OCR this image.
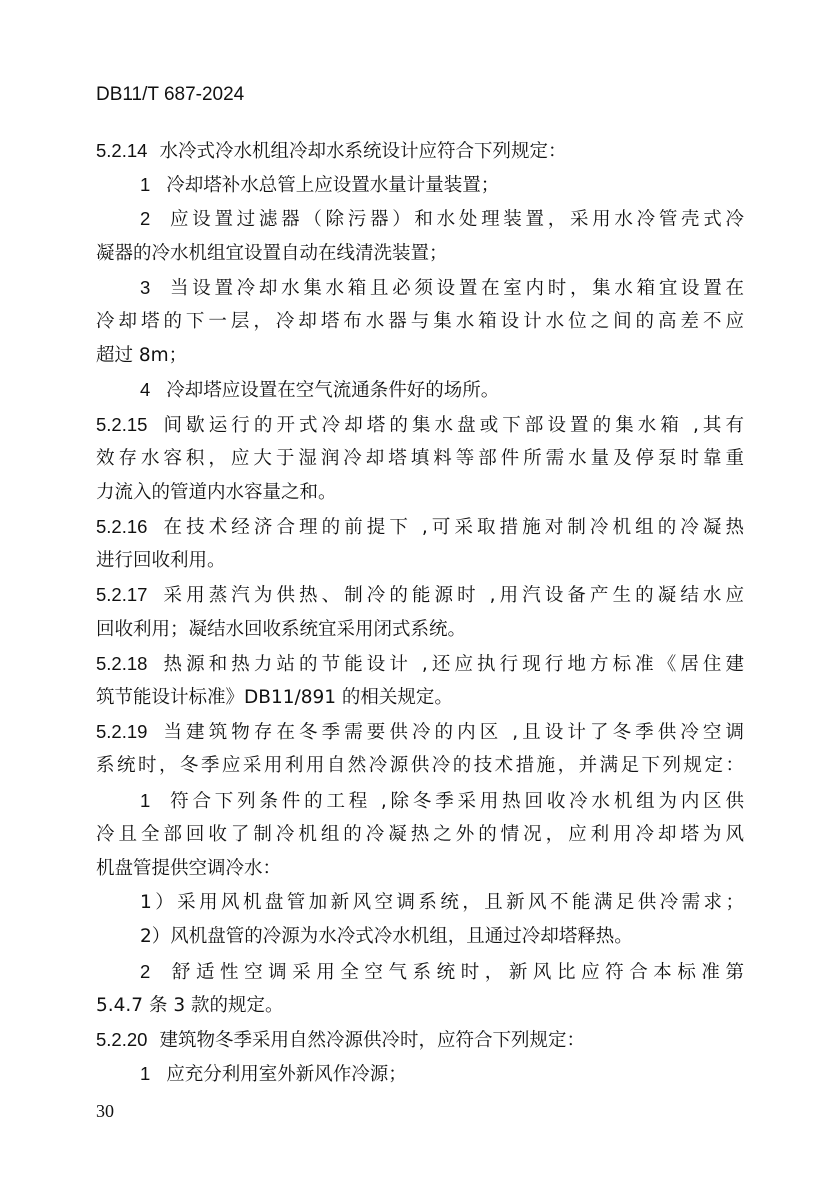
DB11/T 687-2024
5.2.14 水冷式冷水机组冷却水系统设计应符合下列规定：
1 冷却塔补水总管上应设置水量计量装置；
2 应设置过滤器（除污器）和水处理装置，采用水冷管壳式冷
凝器的冷水机组宜设置自动在线清洗装置；
3 当设置冷却水集水箱且必须设置在室内时，集水箱宜设置在
冷却塔的下一层，冷却塔布水器与集水箱设计水位之间的高差不应
超过 8m；
4 冷却塔应设置在空气流通条件好的场所。
5.2.15 间歇运行的开式冷却塔的集水盘或下部设置的集水箱 ,其有
效存水容积，应大于湿润冷却塔填料等部件所需水量及停泵时靠重
力流入的管道内水容量之和。
5.2.16 在技术经济合理的前提下 ,可采取措施对制冷机组的冷凝热
进行回收利用。
5.2.17 采用蒸汽为供热、制冷的能源时 ,用汽设备产生的凝结水应
回收利用；凝结水回收系统宜采用闭式系统。
5.2.18 热源和热力站的节能设计 ,还应执行现行地方标准《居住建
筑节能设计标准》DB11/891 的相关规定。
5.2.19 当建筑物存在冬季需要供冷的内区 ,且设计了冬季供冷空调
系统时，冬季应采用利用自然冷源供冷的技术措施，并满足下列规定：
1 符合下列条件的工程 ,除冬季采用热回收冷水机组为内区供
冷且全部回收了制冷机组的冷凝热之外的情况，应利用冷却塔为风
机盘管提供空调冷水：
1）采用风机盘管加新风空调系统，且新风不能满足供冷需求；
2）风机盘管的冷源为水冷式冷水机组，且通过冷却塔释热。
2 舒适性空调采用全空气系统时，新风比应符合本标准第
5.4.7 条 3 款的规定。
5.2.20 建筑物冬季采用自然冷源供冷时，应符合下列规定：
1 应充分利用室外新风作冷源；
30
